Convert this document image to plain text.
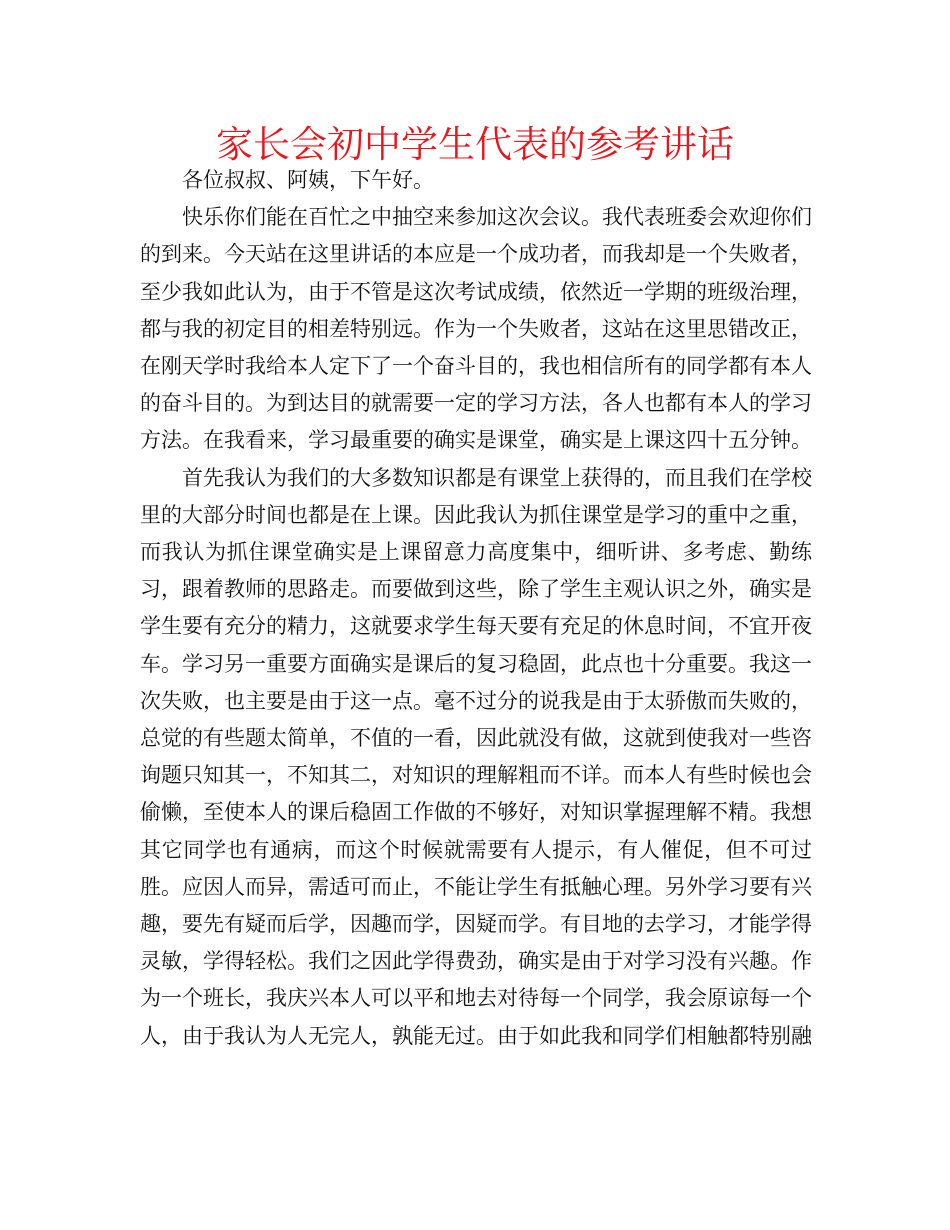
家长会初中学生代表的参考讲话

各位叔叔、阿姨，下午好。

快乐你们能在百忙之中抽空来参加这次会议。我代表班委会欢迎你们的到来。今天站在这里讲话的本应是一个成功者，而我却是一个失败者，至少我如此认为，由于不管是这次考试成绩，依然近一学期的班级治理，都与我的初定目的相差特别远。作为一个失败者，这站在这里思错改正，在刚天学时我给本人定下了一个奋斗目的，我也相信所有的同学都有本人的奋斗目的。为到达目的就需要一定的学习方法，各人也都有本人的学习方法。在我看来，学习最重要的确实是课堂，确实是上课这四十五分钟。

首先我认为我们的大多数知识都是有课堂上获得的，而且我们在学校里的大部分时间也都是在上课。因此我认为抓住课堂是学习的重中之重，而我认为抓住课堂确实是上课留意力高度集中，细听讲、多考虑、勤练习，跟着教师的思路走。而要做到这些，除了学生主观认识之外，确实是学生要有充分的精力，这就要求学生每天要有充足的休息时间，不宜开夜车。学习另一重要方面确实是课后的复习稳固，此点也十分重要。我这一次失败，也主要是由于这一点。毫不过分的说我是由于太骄傲而失败的，总觉的有些题太简单，不值的一看，因此就没有做，这就到使我对一些咨询题只知其一，不知其二，对知识的理解粗而不详。而本人有些时候也会偷懒，至使本人的课后稳固工作做的不够好，对知识掌握理解不精。我想其它同学也有通病，而这个时候就需要有人提示，有人催促，但不可过胜。应因人而异，需适可而止，不能让学生有抵触心理。另外学习要有兴趣，要先有疑而后学，因趣而学，因疑而学。有目地的去学习，才能学得灵敏，学得轻松。我们之因此学得费劲，确实是由于对学习没有兴趣。作为一个班长，我庆兴本人可以平和地去对待每一个同学，我会原谅每一个人，由于我认为人无完人，孰能无过。由于如此我和同学们相触都特别融
